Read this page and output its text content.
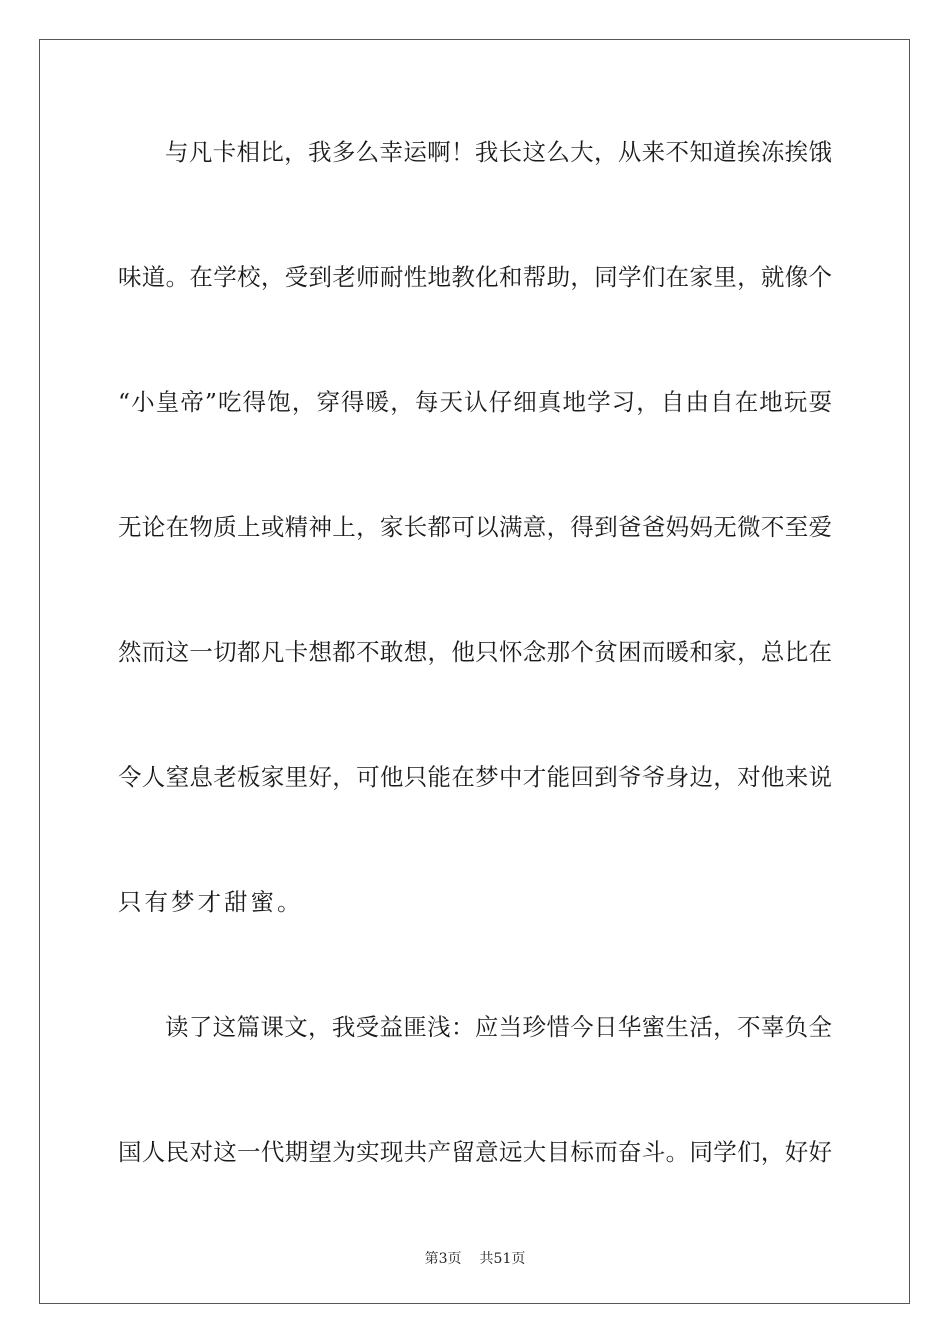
与凡卡相比，我多么幸运啊！我长这么大，从来不知道挨冻挨饿
味道。在学校，受到老师耐性地教化和帮助，同学们在家里，就像个
“小皇帝”吃得饱，穿得暖，每天认仔细真地学习，自由自在地玩耍
无论在物质上或精神上，家长都可以满意，得到爸爸妈妈无微不至爱
然而这一切都凡卡想都不敢想，他只怀念那个贫困而暖和家，总比在
令人窒息老板家里好，可他只能在梦中才能回到爷爷身边，对他来说
只有梦才甜蜜。
读了这篇课文，我受益匪浅：应当珍惜今日华蜜生活，不辜负全
国人民对这一代期望为实现共产留意远大目标而奋斗。同学们，好好
第3页 共51页
